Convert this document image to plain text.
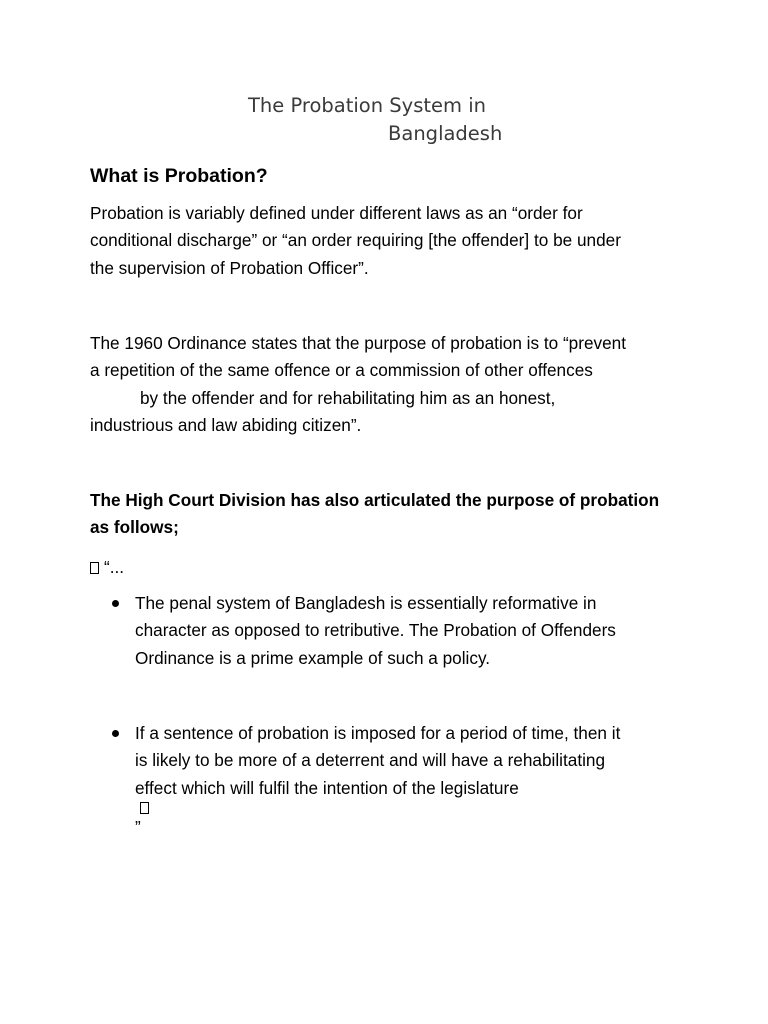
The Probation System in
Bangladesh
What is Probation?

Probation is variably defined under different laws as an “order for
conditional discharge” or “an order requiring [the offender] to be under
the supervision of Probation Officer”.

The 1960 Ordinance states that the purpose of probation is to “prevent
a repetition of the same offence or a commission of other offences
by the offender and for rehabilitating him as an honest,
industrious and law abiding citizen”.

The High Court Division has also articulated the purpose of probation
as follows;

“...

The penal system of Bangladesh is essentially reformative in
character as opposed to retributive. The Probation of Offenders
Ordinance is a prime example of such a policy.
If a sentence of probation is imposed for a period of time, then it
is likely to be more of a deterrent and will have a rehabilitating
effect which will fulfil the intention of the legislature
”
